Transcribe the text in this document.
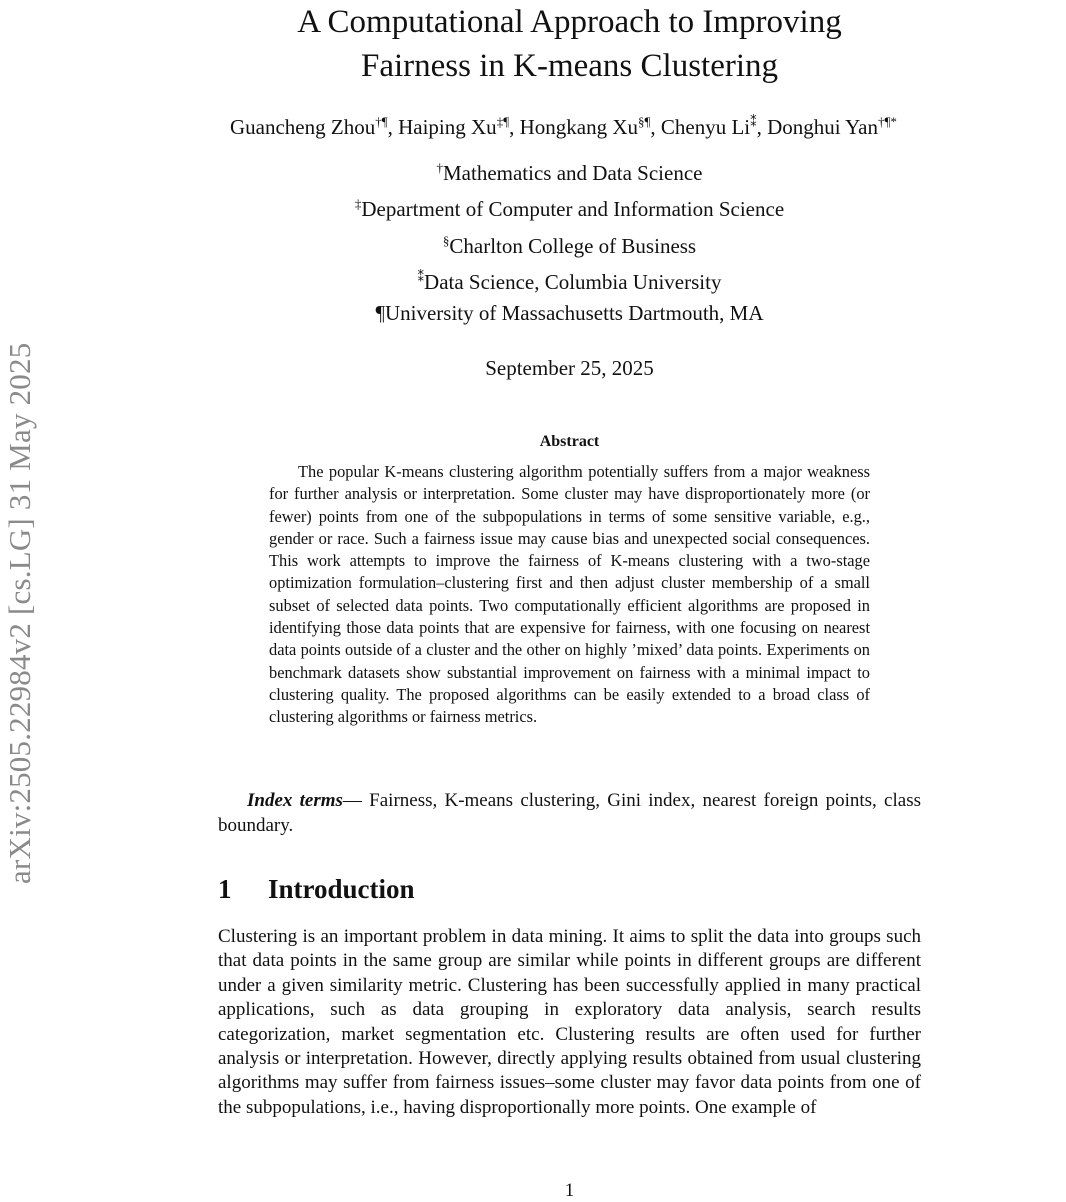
arXiv:2505.22984v2 [cs.LG] 31 May 2025
A Computational Approach to Improving
Fairness in K-means Clustering
Guancheng Zhou†¶, Haiping Xu‡¶, Hongkang Xu§¶, Chenyu Li⁑, Donghui Yan†¶*
†Mathematics and Data Science
‡Department of Computer and Information Science
§Charlton College of Business
⁑Data Science, Columbia University
¶University of Massachusetts Dartmouth, MA
September 25, 2025
Abstract

The popular K-means clustering algorithm potentially suffers from a major weakness for further analysis or interpretation. Some cluster may have disproportionately more (or fewer) points from one of the subpopulations in terms of some sensitive variable, e.g., gender or race. Such a fairness issue may cause bias and unexpected social consequences. This work attempts to improve the fairness of K-means clustering with a two-stage optimization formulation–clustering first and then adjust cluster membership of a small subset of selected data points. Two computationally efficient algorithms are proposed in identifying those data points that are expensive for fairness, with one focusing on nearest data points outside of a cluster and the other on highly ’mixed’ data points. Experiments on benchmark datasets show substantial improvement on fairness with a minimal impact to clustering quality. The proposed algorithms can be easily extended to a broad class of clustering algorithms or fairness metrics.

Index terms— Fairness, K-means clustering, Gini index, nearest foreign points, class boundary.

1 Introduction

Clustering is an important problem in data mining. It aims to split the data into groups such that data points in the same group are similar while points in different groups are different under a given similarity metric. Clustering has been successfully applied in many practical applications, such as data grouping in exploratory data analysis, search results categorization, market segmentation etc. Clustering results are often used for further analysis or interpretation. However, directly applying results obtained from usual clustering algorithms may suffer from fairness issues–some cluster may favor data points from one of the subpopulations, i.e., having disproportionally more points. One example of

1
